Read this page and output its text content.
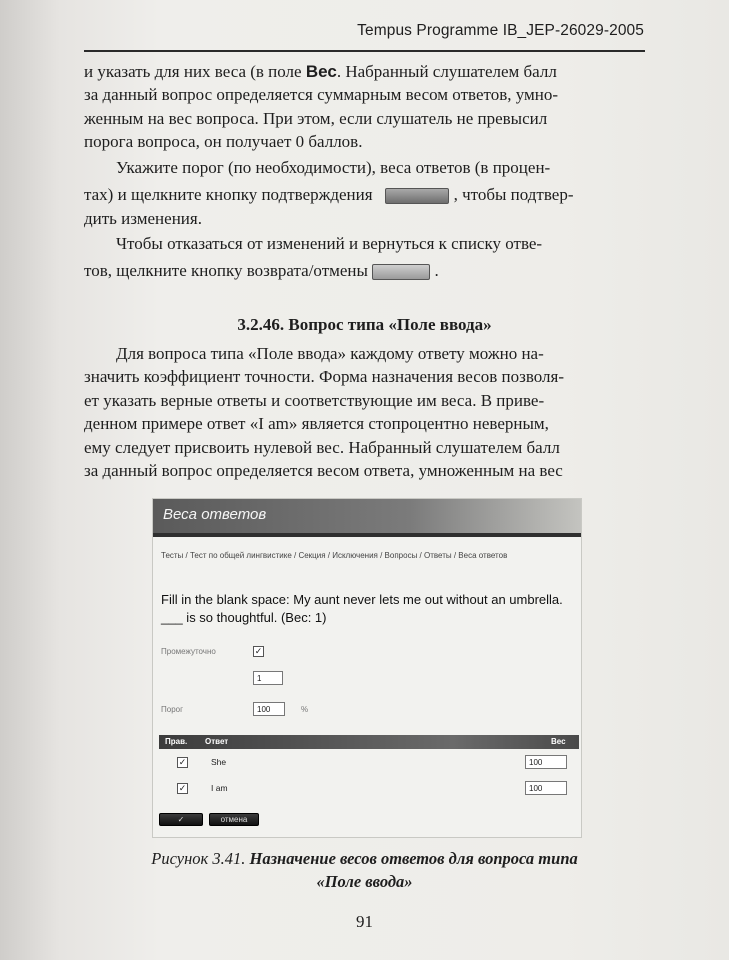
Tempus Programme IB_JEP-26029-2005
и указать для них веса (в поле Вес. Набранный слушателем балл
за данный вопрос определяется суммарным весом ответов, умно-
женным на вес вопроса. При этом, если слушатель не превысил
порога вопроса, он получает 0 баллов.
Укажите порог (по необходимости), веса ответов (в процен-
тах) и щелкните кнопку подтверждения	, чтобы подтвер-
дить изменения.
Чтобы отказаться от изменений и вернуться к списку отве-
тов, щелкните кнопку возврата/отмены	.
3.2.46. Вопрос типа «Поле ввода»
Для вопроса типа «Поле ввода» каждому ответу можно на-
значить коэффициент точности. Форма назначения весов позволя-
ет указать верные ответы и соответствующие им веса. В приве-
денном примере ответ «I am» является стопроцентно неверным,
ему следует присвоить нулевой вес. Набранный слушателем балл
за данный вопрос определяется весом ответа, умноженным на вес
Веса ответов
Тесты / Тест по общей лингвистике / Секция / Исключения / Вопросы / Ответы / Веса ответов
Fill in the blank space: My aunt never lets me out without an umbrella. ___ is so thoughtful. (Вес: 1)
Промежуточно	✓
1
Порог	100	%
Прав. Ответ	Вес
✓	She	100
✓	I am	100
✓	отмена
Рисунок 3.41. Назначение весов ответов для вопроса типа
«Поле ввода»
91
